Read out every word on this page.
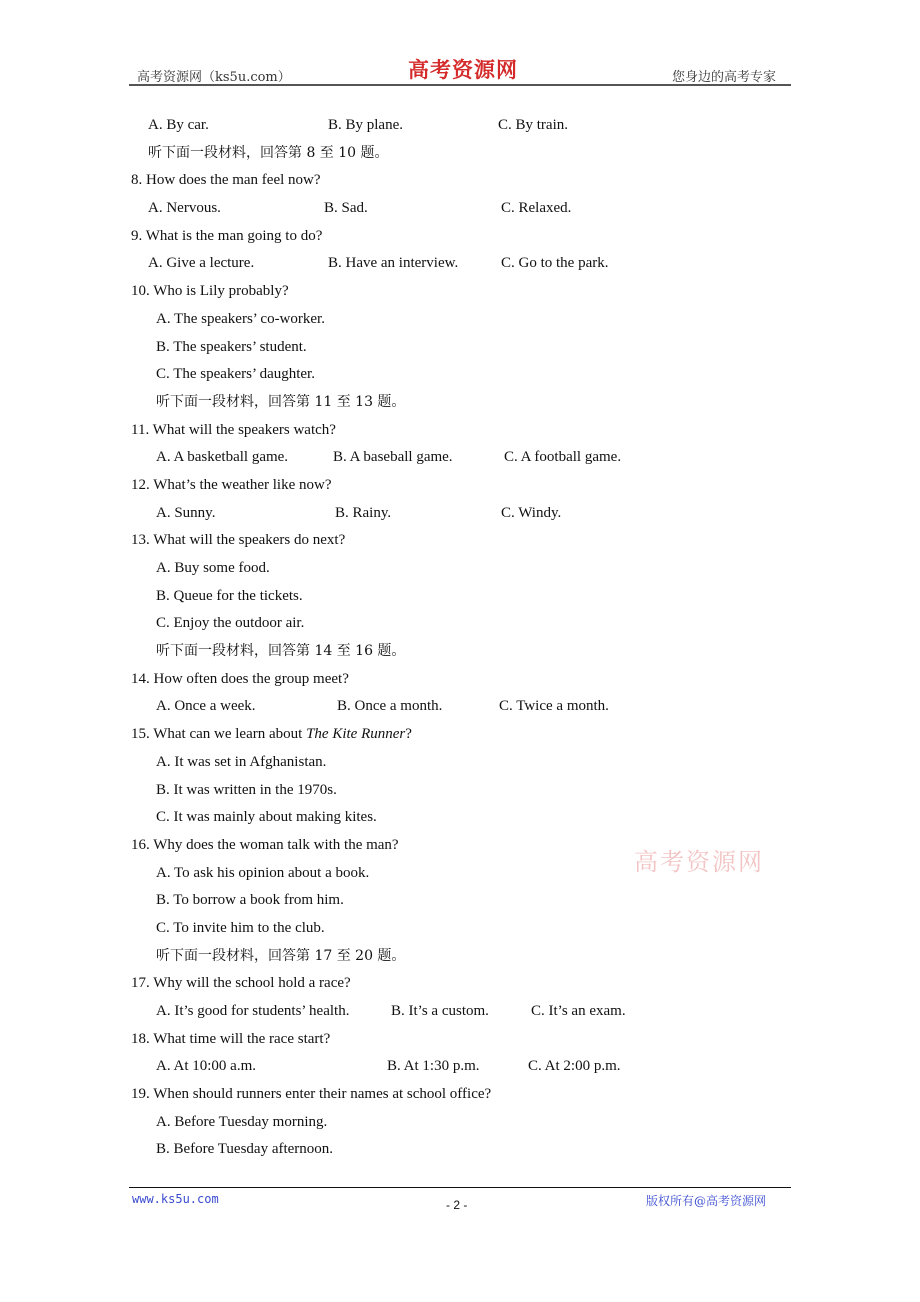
高考资源网（ks5u.com）	高考资源网	您身边的高考专家
A. By car.	B. By plane.	C. By train.
听下面一段材料，回答第 8 至 10 题。
8. How does the man feel now?
A. Nervous.	B. Sad.	C. Relaxed.
9. What is the man going to do?
A. Give a lecture.	B. Have an interview.	C. Go to the park.
10. Who is Lily probably?
A. The speakers’ co-worker.
B. The speakers’ student.
C. The speakers’ daughter.
听下面一段材料，回答第 11 至 13 题。
11. What will the speakers watch?
A. A basketball game.	B. A baseball game.	C. A football game.
12. What’s the weather like now?
A. Sunny.	B. Rainy.	C. Windy.
13. What will the speakers do next?
A. Buy some food.
B. Queue for the tickets.
C. Enjoy the outdoor air.
听下面一段材料，回答第 14 至 16 题。
14. How often does the group meet?
A. Once a week.	B. Once a month.	C. Twice a month.
15. What can we learn about The Kite Runner?
A. It was set in Afghanistan.
B. It was written in the 1970s.
C. It was mainly about making kites.
16. Why does the woman talk with the man?
A. To ask his opinion about a book.
B. To borrow a book from him.
C. To invite him to the club.
听下面一段材料，回答第 17 至 20 题。
17. Why will the school hold a race?
A. It’s good for students’ health.	B. It’s a custom.	C. It’s an exam.
18. What time will the race start?
A. At 10:00 a.m.	B. At 1:30 p.m.	C. At 2:00 p.m.
19. When should runners enter their names at school office?
A. Before Tuesday morning.
B. Before Tuesday afternoon.
高考资源网
www.ks5u.com	- 2 -	版权所有@高考资源网
